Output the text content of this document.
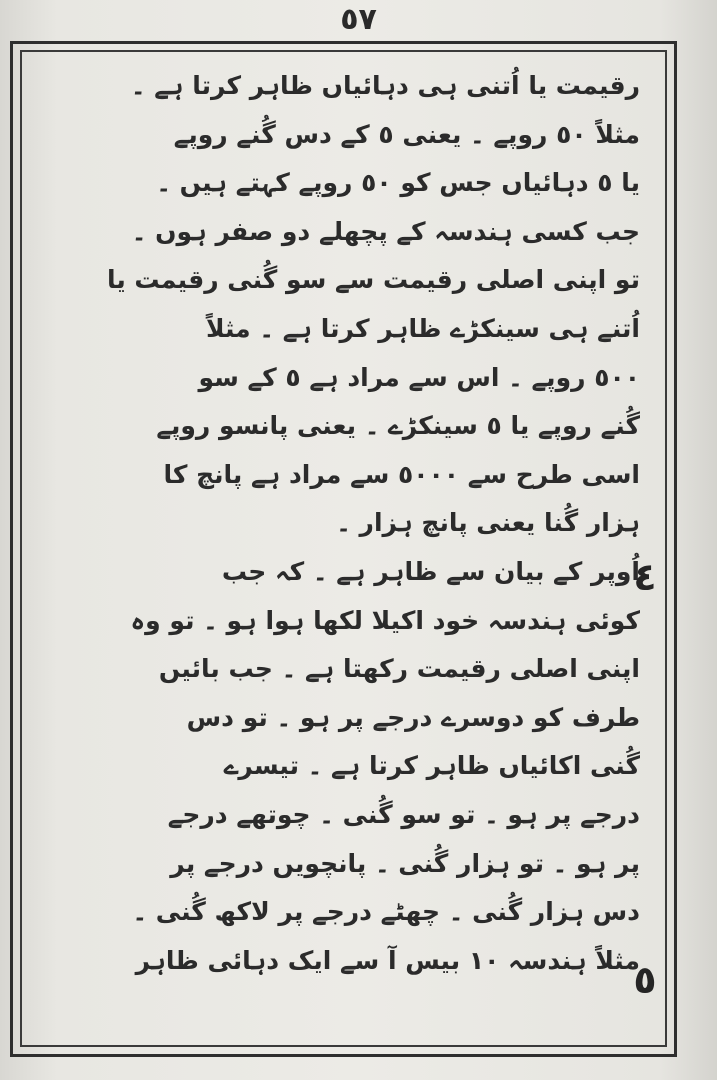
٥٧
رقیمت یا اُتنی ہی دہائیاں ظاہر کرتا ہے ۔
مثلاً ٥٠ روپے ۔ یعنی ٥ کے دس گُنے روپے
یا ٥ دہائیاں جس کو ٥٠ روپے کہتے ہیں ۔
جب کسی ہندسہ کے پچھلے دو صفر ہوں ۔
تو اپنی اصلی رقیمت سے سو گُنی رقیمت یا
اُتنے ہی سینکڑے ظاہر کرتا ہے ۔ مثلاً
٥٠٠ روپے ۔ اس سے مراد ہے ٥ کے سو
گُنے روپے یا ٥ سینکڑے ۔ یعنی پانسو روپے
اسی طرح سے ٥٠٠٠ سے مراد ہے پانچ کا
ہزار گُنا یعنی پانچ ہزار ۔
اُوپر کے بیان سے ظاہر ہے ۔ کہ جب
کوئی ہندسہ خود اکیلا لکھا ہوا ہو ۔ تو وہ
اپنی اصلی رقیمت رکھتا ہے ۔ جب بائیں
طرف کو دوسرے درجے پر ہو ۔ تو دس
گُنی اکائیاں ظاہر کرتا ہے ۔ تیسرے
درجے پر ہو ۔ تو سو گُنی ۔ چوتھے درجے
پر ہو ۔ تو ہزار گُنی ۔ پانچویں درجے پر
دس ہزار گُنی ۔ چھٹے درجے پر لاکھ گُنی ۔
مثلاً ہندسہ ١٠ بیس آ سے ایک دہائی ظاہر
٤
٥
